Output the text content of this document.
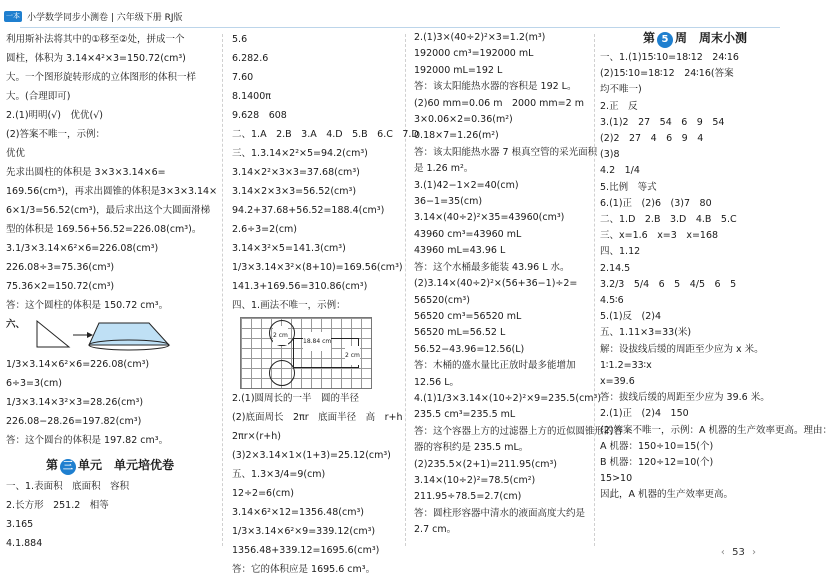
一本 小学数学同步小测卷 | 六年级下册 RJ版
利用斯补法将其中的①移至②处，拼成一个
圆柱，体积为 3.14×4²×3=150.72(cm³)
大。一个图形旋转形成的立体图形的体积一样
大。(合理即可)
2.(1)明明(√)　优优(√)
(2)答案不唯一，示例：
优优
先求出圆柱的体积是 3×3×3.14×6=
169.56(cm³)，再求出圆锥的体积是3×3×3.14×
6×1/3=56.52(cm³)，最后求出这个大圆面滑梯
型的体积是 169.56+56.52=226.08(cm³)。
3.1/3×3.14×6²×6=226.08(cm³)
226.08÷3=75.36(cm³)
75.36×2=150.72(cm³)
答：这个圆柱的体积是 150.72 cm³。
六、
1/3×3.14×6²×6=226.08(cm³)
6÷3=3(cm)
1/3×3.14×3²×3=28.26(cm³)
226.08−28.26=197.82(cm³)
答：这个圆台的体积是 197.82 cm³。
第 三 单元　单元培优卷
一、1.表面积　底面积　容积
2.长方形　251.2　相等
3.165
4.1.884
5.6
6.282.6
7.60
8.1400π
9.628　608
二、1.A　2.B　3.A　4.D　5.B　6.C　7.D
三、1.3.14×2²×5=94.2(cm³)
3.14×2²×3×3=37.68(cm³)
3.14×2×3×3=56.52(cm³)
94.2+37.68+56.52=188.4(cm³)
2.6÷3=2(cm)
3.14×3²×5=141.3(cm³)
1/3×3.14×3²×(8+10)=169.56(cm³)
141.3+169.56=310.86(cm³)
四、1.画法不唯一，示例：
2 cm
18.84 cm
2 cm
2.(1)圆周长的一半　圆的半径
(2)底面周长　2πr　底面半径　高　r+h
2πr×(r+h)
(3)2×3.14×1×(1+3)=25.12(cm³)
五、1.3×3/4=9(cm)
12÷2=6(cm)
3.14×6²×12=1356.48(cm³)
1/3×3.14×6²×9=339.12(cm³)
1356.48+339.12=1695.6(cm³)
答：它的体积应是 1695.6 cm³。
2.(1)3×(40÷2)²×3=1.2(m³)
192000 cm³=192000 mL
192000 mL=192 L
答：该太阳能热水器的容积是 192 L。
(2)60 mm=0.06 m　2000 mm=2 m
3×0.06×2=0.36(m²)
0.18×7=1.26(m²)
答：该太阳能热水器 7 根真空管的采光面积
是 1.26 m²。
3.(1)42−1×2=40(cm)
36−1=35(cm)
3.14×(40÷2)²×35=43960(cm³)
43960 cm³=43960 mL
43960 mL=43.96 L
答：这个水桶最多能装 43.96 L 水。
(2)3.14×(40÷2)²×(56+36−1)÷2=
56520(cm³)
56520 cm³=56520 mL
56520 mL=56.52 L
56.52−43.96=12.56(L)
答：木桶的盛水量比正放时最多能增加
12.56 L。
4.(1)1/3×3.14×(10÷2)²×9=235.5(cm³)
235.5 cm³=235.5 mL
答：这个容器上方的过滤器上方的近似圆锥形的容
器的容积约是 235.5 mL。
(2)235.5×(2+1)=211.95(cm³)
3.14×(10÷2)²=78.5(cm²)
211.95÷78.5=2.7(cm)
答：圆柱形容器中清水的液面高度大约是
2.7 cm。
第 5 周　周末小测
一、1.(1)15∶10=18∶12　24∶16
(2)15∶10=18∶12　24∶16(答案
均不唯一)
2.正　反
3.(1)2　27　54　6　9　54
(2)2　27　4　6　9　4
(3)8
4.2　1/4
5.比例　等式
6.(1)正　(2)6　(3)7　80
二、1.D　2.B　3.D　4.B　5.C
三、x=1.6　x=3　x=168
四、1.12
2.14.5
3.2/3　5/4　6　5　4/5　6　5
4.5∶6
5.(1)反　(2)4
五、1.11×3=33(米)
解：设拔线后缓的周距至少应为 x 米。
1∶1.2=33∶x
x=39.6
答：拔线后缓的周距至少应为 39.6 米。
2.(1)正　(2)4　150
(2)答案不唯一，示例：A 机器的生产效率更高。理由：
A 机器：150÷10=15(个)
B 机器：120÷12=10(个)
15>10
因此，A 机器的生产效率更高。
‹ 53 ›
